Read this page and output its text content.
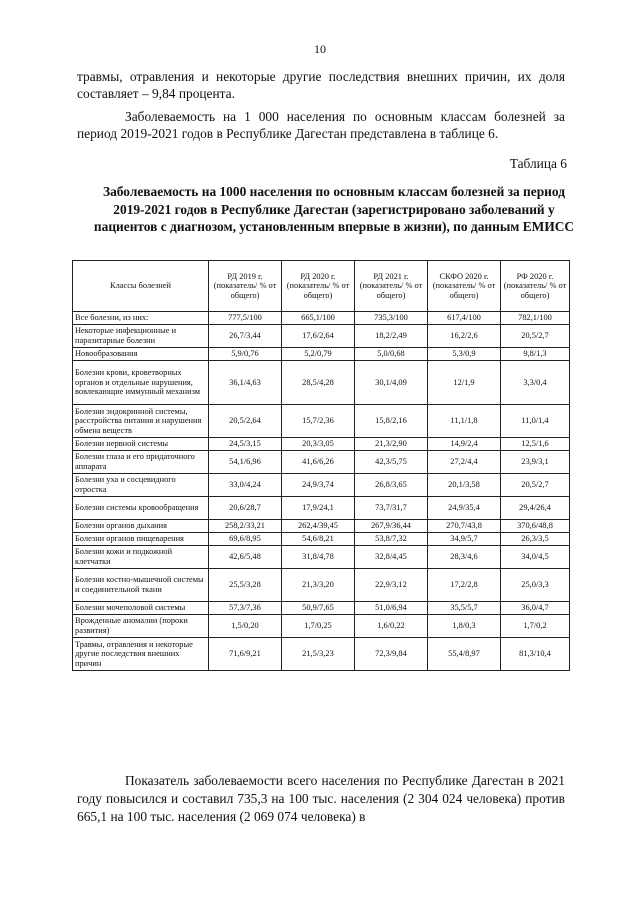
10

травмы, отравления и некоторые другие последствия внешних причин, их доля составляет – 9,84 процента.

Заболеваемость на 1 000 населения по основным классам болезней за период 2019-2021 годов в Республике Дагестан представлена в таблице 6.

Таблица 6

Заболеваемость на 1000 населения по основным классам болезней за период 2019-2021 годов в Республике Дагестан (зарегистрировано заболеваний у пациентов с диагнозом, установленным впервые в жизни), по данным ЕМИСС

Классы болезней	РД 2019 г. (показатель/ % от общего)	РД 2020 г. (показатель/ % от общего)	РД 2021 г. (показатель/ % от общего)	СКФО 2020 г. (показатель/ % от общего)	РФ 2020 г. (показатель/ % от общего)
Все болезни, из них:	777,5/100	665,1/100	735,3/100	617,4/100	782,1/100
Некоторые инфекционные и паразитарные болезни	26,7/3,44	17,6/2,64	18,2/2,49	16,2/2,6	20,5/2,7
Новообразования	5,9/0,76	5,2/0,79	5,0/0,68	5,3/0,9	9,8/1,3
Болезни крови, кроветворных органов и отдельные нарушения, вовлекающие иммунный механизм	36,1/4,63	28,5/4,28	30,1/4,09	12/1,9	3,3/0,4
Болезни эндокринной системы, расстройства питания и нарушения обмена веществ	20,5/2,64	15,7/2,36	15,8/2,16	11,1/1,8	11,0/1,4
Болезни нервной системы	24,5/3,15	20,3/3,05	21,3/2,90	14,9/2,4	12,5/1,6
Болезни глаза и его придаточного аппарата	54,1/6,96	41,6/6,26	42,3/5,75	27,2/4,4	23,9/3,1
Болезни уха и сосцевидного отростка	33,0/4,24	24,9/3,74	26,8/3,65	20,1/3,58	20,5/2,7
Болезни системы кровообращения	20,6/28,7	17,9/24,1	73,7/31,7	24,9/35,4	29,4/26,4
Болезни органов дыхания	258,2/33,21	262,4/39,45	267,9/36,44	270,7/43,8	370,6/48,8
Болезни органов пищеварения	69,6/8,95	54,6/8,21	53,8/7,32	34,9/5,7	26,3/3,5
Болезни кожи и подкожной клетчатки	42,6/5,48	31,8/4,78	32,8/4,45	28,3/4,6	34,0/4,5
Болезни костно-мышечной системы и соединительной ткани	25,5/3,28	21,3/3,20	22,9/3,12	17,2/2,8	25,0/3,3
Болезни мочеполовой системы	57,3/7,36	50,9/7,65	51,0/6,94	35,5/5,7	36,0/4,7
Врожденные аномалии (пороки развития)	1,5/0,20	1,7/0,25	1,6/0,22	1,8/0,3	1,7/0,2
Травмы, отравления и некоторые другие последствия внешних причин	71,6/9,21	21,5/3,23	72,3/9,84	55,4/8,97	81,3/10,4

Показатель заболеваемости всего населения по Республике Дагестан в 2021 году повысился и составил 735,3 на 100 тыс. населения (2 304 024 человека) против 665,1 на 100 тыс. населения (2 069 074 человека) в
